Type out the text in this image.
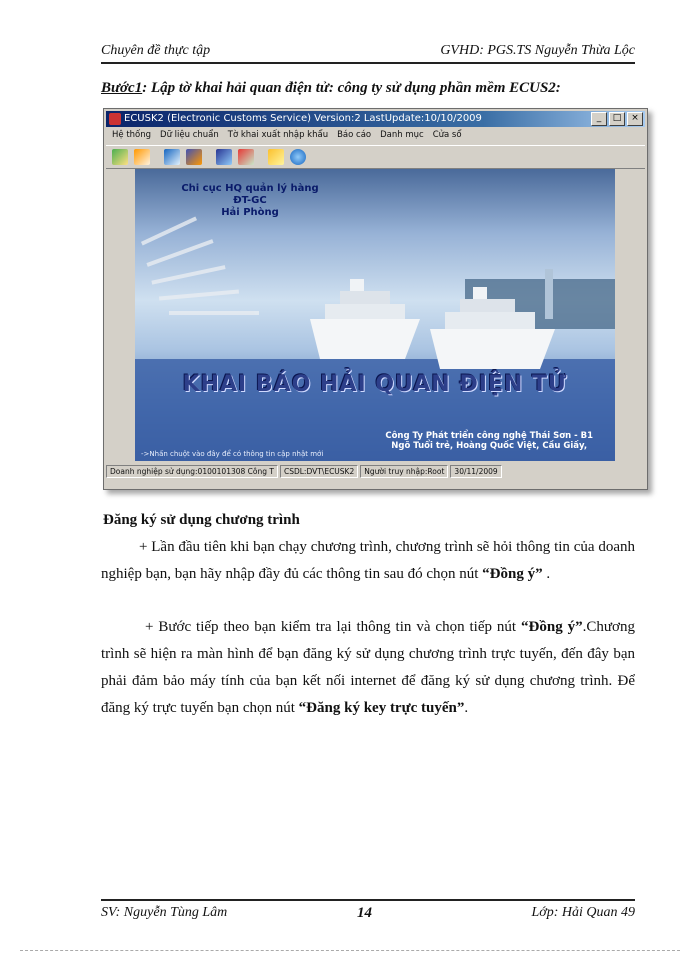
Chuyên đề thực tập	GVHD: PGS.TS Nguyễn Thừa Lộc
Bước1: Lập tờ khai hải quan điện tử: công ty sử dụng phần mềm ECUS2:
ECUSK2 (Electronic Customs Service) Version:2 LastUpdate:10/10/2009	_	□	×
Hệ thống Dữ liệu chuẩn Tờ khai xuất nhập khẩu Báo cáo Danh mục Cửa sổ
Chi cục HQ quản lý hàng ĐT-GC
Hải Phòng
KHAI BÁO HẢI QUAN ĐIỆN TỬ
Công Ty Phát triển công nghệ Thái Sơn - B1
Ngõ Tuổi trẻ, Hoàng Quốc Việt, Cầu Giấy,
->Nhấn chuột vào đây để có thông tin cập nhật mới
Doanh nghiệp sử dụng:0100101308 Công T	CSDL:DVT\ECUSK2	Người truy nhập:Root	30/11/2009
Đăng ký sử dụng chương trình
+ Lần đầu tiên khi bạn chạy chương trình, chương trình sẽ hỏi thông tin của doanh nghiệp bạn, bạn hãy nhập đầy đủ các thông tin sau đó chọn nút “Đồng ý” .
+ Bước tiếp theo bạn kiểm tra lại thông tin và chọn tiếp nút “Đồng ý”.Chương trình sẽ hiện ra màn hình để bạn đăng ký sử dụng chương trình trực tuyến, đến đây bạn phải đảm bảo máy tính của bạn kết nối internet để đăng ký sử dụng chương trình. Để đăng ký trực tuyến bạn chọn nút “Đăng ký key trực tuyến”.
SV: Nguyễn Tùng Lâm	14	Lớp: Hải Quan 49
